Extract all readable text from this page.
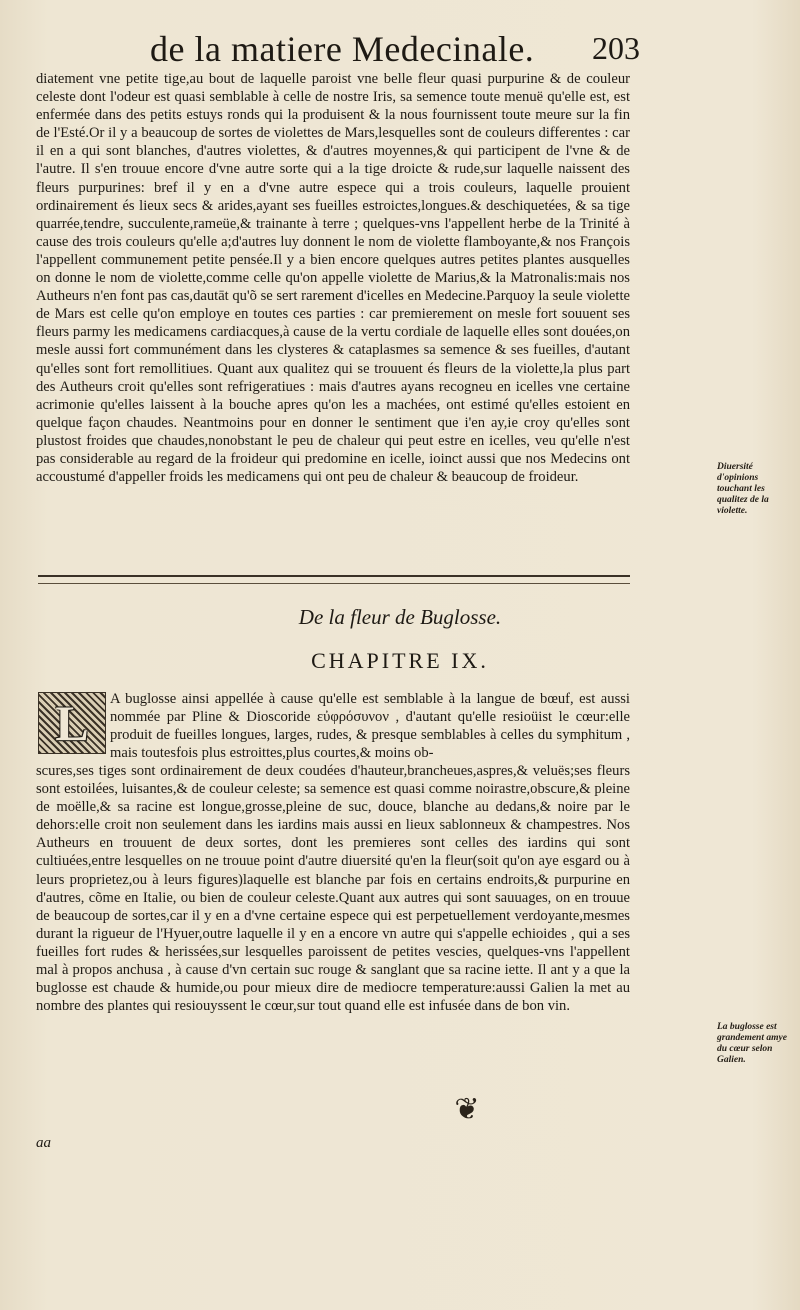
de la matiere Medecinale. 203

diatement vne petite tige,au bout de laquelle paroist vne belle fleur quasi purpurine & de couleur celeste dont l'odeur est quasi semblable à celle de nostre Iris, sa semence toute menuë qu'elle est, est enfermée dans des petits estuys ronds qui la produisent & la nous fournissent toute meure sur la fin de l'Esté.Or il y a beaucoup de sortes de violettes de Mars,lesquelles sont de couleurs differentes : car il en a qui sont blanches, d'autres violettes, & d'autres moyennes,& qui participent de l'vne & de l'autre. Il s'en trouue encore d'vne autre sorte qui a la tige droicte & rude,sur laquelle naissent des fleurs purpurines: bref il y en a d'vne autre espece qui a trois couleurs, laquelle prouient ordinairement és lieux secs & arides,ayant ses fueilles estroictes,longues.& deschiquetées, & sa tige quarrée,tendre, succulente,rameüe,& trainante à terre ; quelques-vns l'appellent herbe de la Trinité à cause des trois couleurs qu'elle a;d'autres luy donnent le nom de violette flambоyante,& nos François l'appellent communement petite pensée.Il y a bien encore quelques autres petites plantes ausquelles on donne le nom de violette,comme celle qu'on appelle violette de Marius,& la Matronalis:mais nos Autheurs n'en font pas cas,dautāt qu'õ se sert rarement d'icelles en Medecine.Parquoy la seule violette de Mars est celle qu'on employe en toutes ces parties : car premierement on mesle fort souuent ses fleurs parmy les medicamens cardiacques,à cause de la vertu cordiale de laquelle elles sont douées,on mesle aussi fort communément dans les clysteres & cataplasmes sa semence & ses fueilles, d'autant qu'elles sont fort remollitiues. Quant aux qualitez qui se trouuent és fleurs de la violette,la plus part des Autheurs croit qu'elles sont refrigeratiues : mais d'autres ayans recogneu en icelles vne certaine acrimonie qu'elles laissent à la bouche apres qu'on les a machées, ont estimé qu'elles estoient en quelque façon chaudes. Neantmoins pour en donner le sentiment que i'en ay,ie croy qu'elles sont plustost froides que chaudes,nonobstant le peu de chaleur qui peut estre en icelles, veu qu'elle n'est pas considerable au regard de la froideur qui predomine en icelle, ioinct aussi que nos Medecins ont accoustumé d'appeller froids les medicamens qui ont peu de chaleur & beaucoup de froideur.

Diuersité d'opinions touchant les qualitez de la violette.
De la fleur de Buglosse.
CHAPITRE IX.
L	A buglosse ainsi appellée à cause qu'elle est semblable à la langue de bœuf, est aussi nommée par Pline & Dioscoride εὐφρόσυνον , d'autant qu'elle resioüist le cœur:elle produit de fueilles longues, larges, rudes, & presque semblables à celles du symphitum , mais toutesfois plus estroittes,plus courtes,& moins ob-

scures,ses tiges sont ordinairement de deux coudées d'hauteur,brancheues,aspres,& veluës;ses fleurs sont estoilées, luisantes,& de couleur celeste; sa semence est quasi comme noirastre,obscure,& pleine de moëlle,& sa racine est longue,grosse,pleine de suc, douce, blanche au dedans,& noire par le dehors:elle croit non seulement dans les iardins mais aussi en lieux sablonneux & champestres. Nos Autheurs en trouuent de deux sortes, dont les premieres sont celles des iardins qui sont cultiuées,entre lesquelles on ne trouue point d'autre diuersité qu'en la fleur(soit qu'on aye esgard ou à leurs proprietez,ou à leurs figures)laquelle est blanche par fois en certains endroits,& purpurine en d'autres, cõme en Italie, ou bien de couleur celeste.Quant aux autres qui sont sauuages, on en trouue de beaucoup de sortes,car il y en a d'vne certaine espece qui est perpetuellement verdoyante,mesmes durant la rigueur de l'Hyuer,outre laquelle il y en a encore vn autre qui s'appelle echioides , qui a ses fueilles fort rudes & herissées,sur lesquelles paroissent de petites vescies, quelques-vns l'appellent mal à propos anchusa , à cause d'vn certain suc rouge & sanglant que sa racine iette. Il ant y a que la buglosse est chaude & humide,ou pour mieux dire de mediocre temperature:aussi Galien la met au nombre des plantes qui resiouyssent le cœur,sur tout quand elle est infusée dans de bon vin.

La buglosse est grandement amye du cœur selon Galien.
❦
aa
